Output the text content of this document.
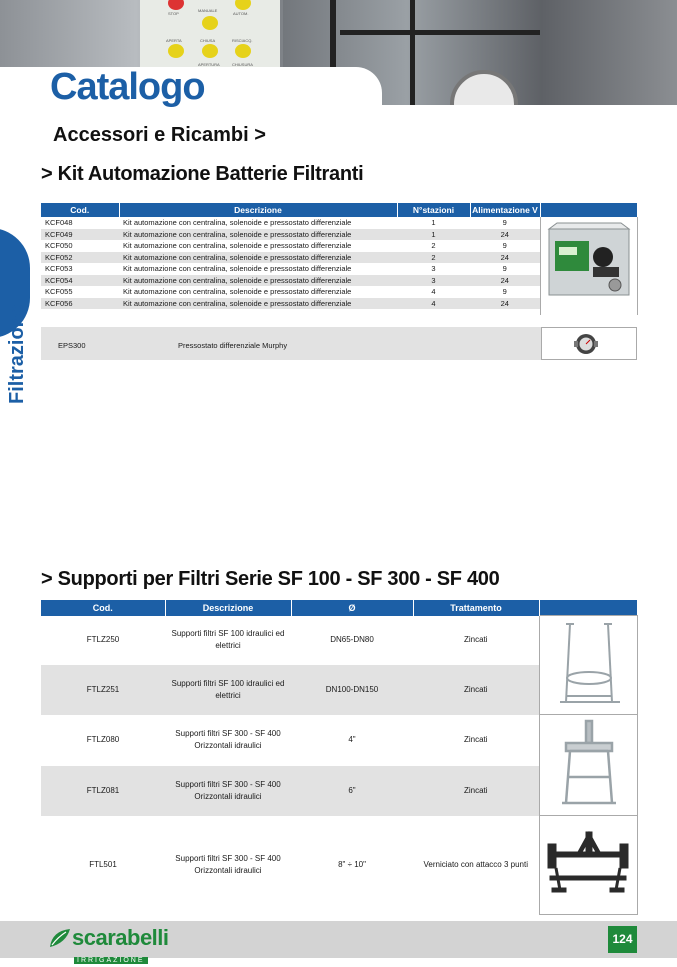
STOP
MANUALE
AUTOM.
APERTA	CHIUSA	RISCIACQ.
APERTURA	CHIUSURA
Catalogo
Accessori e Ricambi >
Filtrazione
> Kit Automazione Batterie Filtranti
Cod.	Descrizione	N°stazioni	Alimentazione V	
KCF048	Kit automazione con centralina, solenoide e pressostato differenziale	1	9	
KCF049	Kit automazione con centralina, solenoide e pressostato differenziale	1	24	
KCF050	Kit automazione con centralina, solenoide e pressostato differenziale	2	9	
KCF052	Kit automazione con centralina, solenoide e pressostato differenziale	2	24	
KCF053	Kit automazione con centralina, solenoide e pressostato differenziale	3	9	
KCF054	Kit automazione con centralina, solenoide e pressostato differenziale	3	24	
KCF055	Kit automazione con centralina, solenoide e pressostato differenziale	4	9	
KCF056	Kit automazione con centralina, solenoide e pressostato differenziale	4	24	

EPS300	Pressostato differenziale Murphy
> Supporti per Filtri Serie SF 100 - SF 300 - SF 400
Cod.	Descrizione	Ø	Trattamento	
FTLZ250	Supporti filtri SF 100 idraulici ed elettrici	DN65-DN80	Zincati	
FTLZ251	Supporti filtri SF 100 idraulici ed elettrici	DN100-DN150	Zincati	
FTLZ080	Supporti filtri SF 300 - SF 400 Orizzontali idraulici	4"	Zincati	
FTLZ081	Supporti filtri SF 300 - SF 400 Orizzontali idraulici	6"	Zincati	
FTL501	Supporti filtri SF 300 - SF 400 Orizzontali idraulici	8" ÷ 10"	Verniciato con attacco 3 punti	
scarabelli
IRRIGAZIONE
124
